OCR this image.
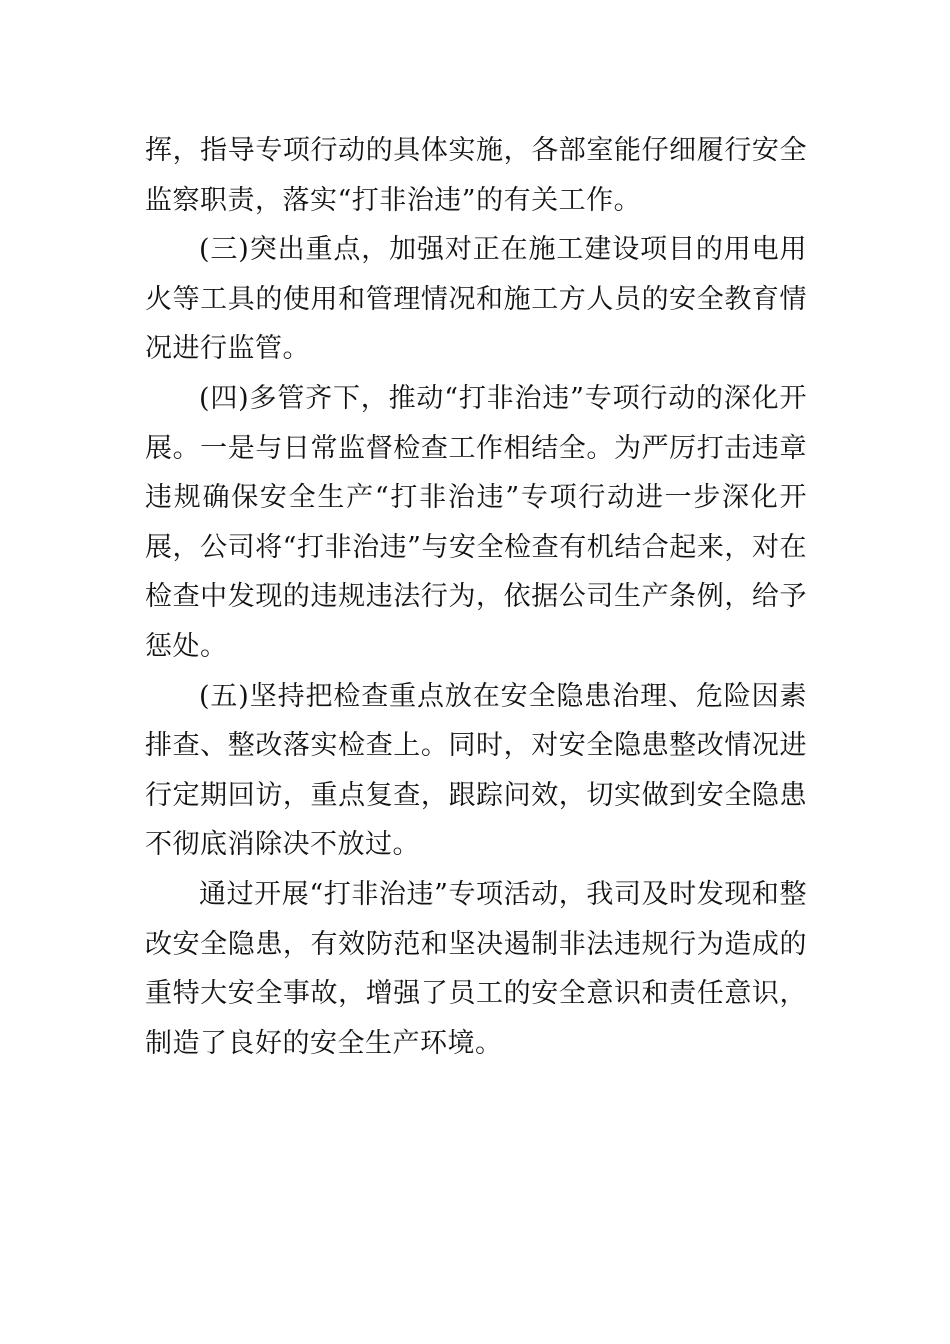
挥，指导专项行动的具体实施，各部室能仔细履行安全监察职责，落实“打非治违”的有关工作。

(三)突出重点，加强对正在施工建设项目的用电用火等工具的使用和管理情况和施工方人员的安全教育情况进行监管。

(四)多管齐下，推动“打非治违”专项行动的深化开展。一是与日常监督检查工作相结全。为严厉打击违章违规确保安全生产“打非治违”专项行动进一步深化开展，公司将“打非治违”与安全检查有机结合起来，对在检查中发现的违规违法行为，依据公司生产条例，给予惩处。

(五)坚持把检查重点放在安全隐患治理、危险因素排查、整改落实检查上。同时，对安全隐患整改情况进行定期回访，重点复查，跟踪问效，切实做到安全隐患不彻底消除决不放过。

通过开展“打非治违”专项活动，我司及时发现和整改安全隐患，有效防范和坚决遏制非法违规行为造成的重特大安全事故，增强了员工的安全意识和责任意识，制造了良好的安全生产环境。
